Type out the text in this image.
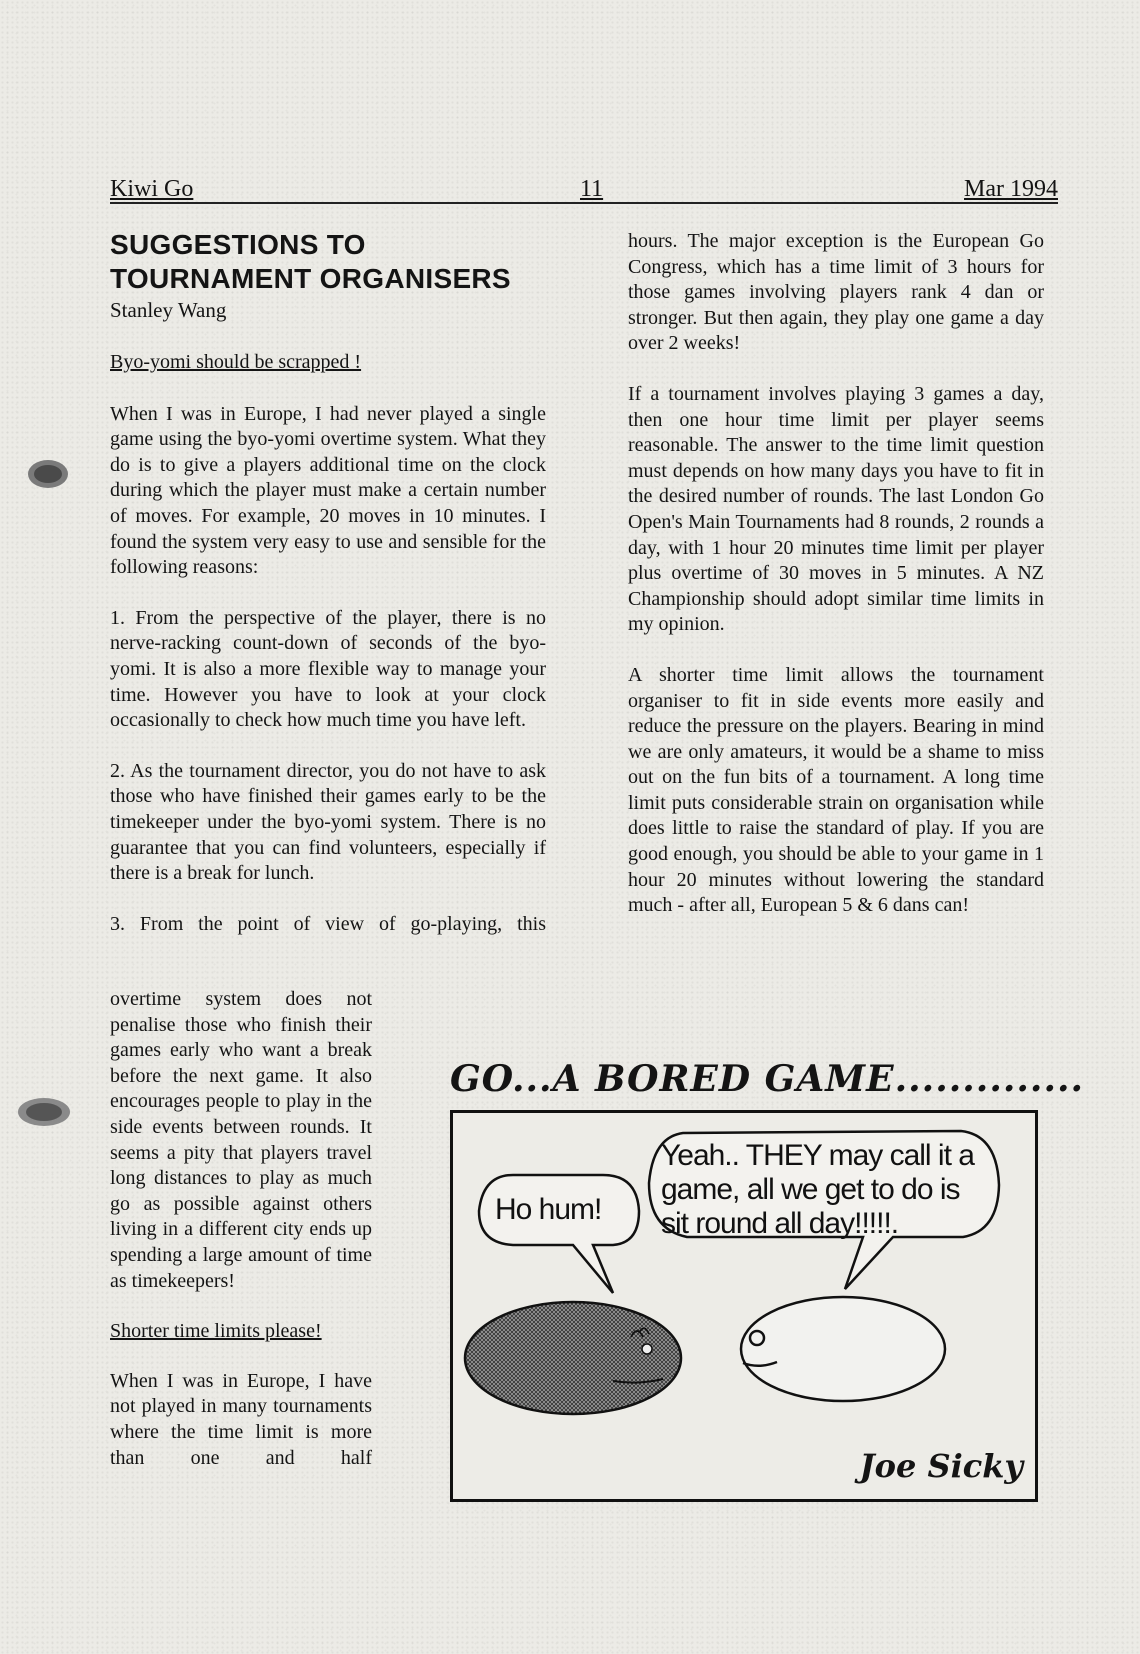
Kiwi Go	11	Mar 1994
SUGGESTIONS TO
TOURNAMENT ORGANISERS
Stanley Wang

Byo-yomi should be scrapped !

When I was in Europe, I had never played a single game using the byo-yomi overtime system. What they do is to give a players additional time on the clock during which the player must make a certain number of moves. For example, 20 moves in 10 minutes. I found the system very easy to use and sensible for the following reasons:

1. From the perspective of the player, there is no nerve-racking count-down of seconds of the byo-yomi. It is also a more flexible way to manage your time. However you have to look at your clock occasionally to check how much time you have left.

2. As the tournament director, you do not have to ask those who have finished their games early to be the timekeeper under the byo-yomi system. There is no guarantee that you can find volunteers, especially if there is a break for lunch.

3. From the point of view of go-playing, this

overtime system does not penalise those who finish their games early who want a break before the next game. It also encourages people to play in the side events between rounds. It seems a pity that players travel long distances to play as much go as possible against others living in a different city ends up spending a large amount of time as timekeepers!

Shorter time limits please!

When I was in Europe, I have not played in many tournaments where the time limit is more than one and half

hours. The major exception is the European Go Congress, which has a time limit of 3 hours for those games involving players rank 4 dan or stronger. But then again, they play one game a day over 2 weeks!

If a tournament involves playing 3 games a day, then one hour time limit per player seems reasonable. The answer to the time limit question must depends on how many days you have to fit in the desired number of rounds. The last London Go Open's Main Tournaments had 8 rounds, 2 rounds a day, with 1 hour 20 minutes time limit per player plus overtime of 30 moves in 5 minutes. A NZ Championship should adopt similar time limits in my opinion.

A shorter time limit allows the tournament organiser to fit in side events more easily and reduce the pressure on the players. Bearing in mind we are only amateurs, it would be a shame to miss out on the fun bits of a tournament. A long time limit puts considerable strain on organisation while does little to raise the standard of play. If you are good enough, you should be able to your game in 1 hour 20 minutes without lowering the standard much - after all, European 5 & 6 dans can!

GO...A BORED GAME..............
Ho hum!
Yeah.. THEY may call it a
game, all we get to do is
sit round all day!!!!!.
Joe Sicky
